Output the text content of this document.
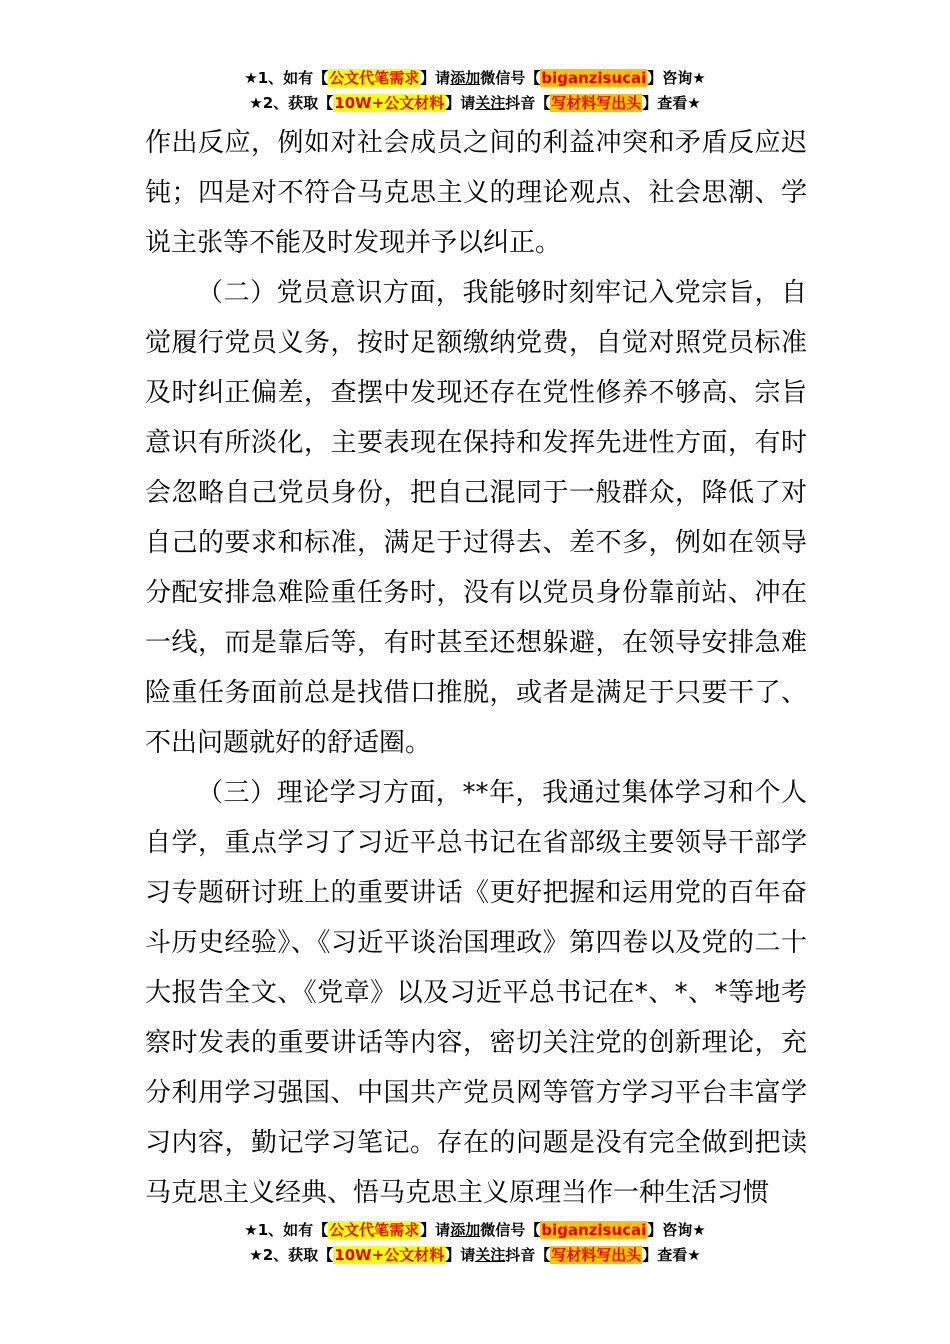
★1、如有【公文代笔需求】请添加微信号【biganzisucai】咨询★
★2、获取【10W+公文材料】请关注抖音【写材料写出头】查看★

作出反应，例如对社会成员之间的利益冲突和矛盾反应迟钝；四是对不符合马克思主义的理论观点、社会思潮、学说主张等不能及时发现并予以纠正。

（二）党员意识方面，我能够时刻牢记入党宗旨，自觉履行党员义务，按时足额缴纳党费，自觉对照党员标准及时纠正偏差，查摆中发现还存在党性修养不够高、宗旨意识有所淡化，主要表现在保持和发挥先进性方面，有时会忽略自己党员身份，把自己混同于一般群众，降低了对自己的要求和标准，满足于过得去、差不多，例如在领导分配安排急难险重任务时，没有以党员身份靠前站、冲在一线，而是靠后等，有时甚至还想躲避，在领导安排急难险重任务面前总是找借口推脱，或者是满足于只要干了、不出问题就好的舒适圈。

（三）理论学习方面，**年，我通过集体学习和个人自学，重点学习了习近平总书记在省部级主要领导干部学习专题研讨班上的重要讲话《更好把握和运用党的百年奋斗历史经验》、《习近平谈治国理政》第四卷以及党的二十大报告全文、《党章》以及习近平总书记在*、*、*等地考察时发表的重要讲话等内容，密切关注党的创新理论，充分利用学习强国、中国共产党员网等管方学习平台丰富学习内容，勤记学习笔记。存在的问题是没有完全做到把读马克思主义经典、悟马克思主义原理当作一种生活习惯

★1、如有【公文代笔需求】请添加微信号【biganzisucai】咨询★
★2、获取【10W+公文材料】请关注抖音【写材料写出头】查看★
